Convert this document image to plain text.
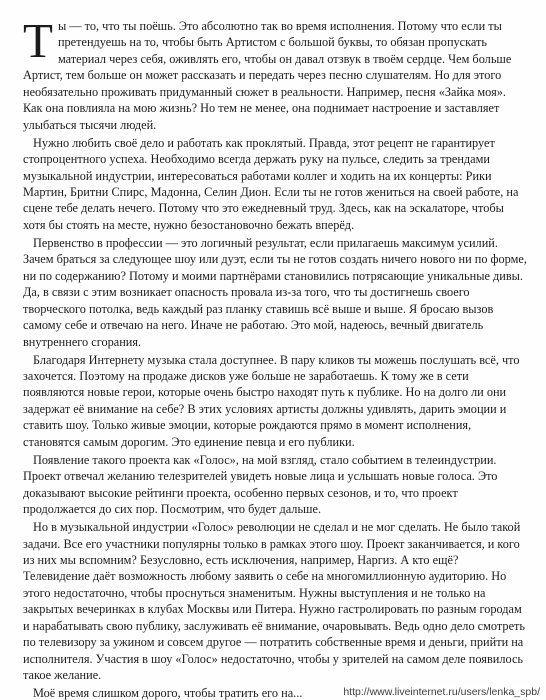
Ты — то, что ты поёшь. Это абсолютно так во время исполнения. Потому что если ты претендуешь на то, чтобы быть Артистом с большой буквы, то обязан пропускать материал через себя, оживлять его, чтобы он давал отзвук в твоём сердце. Чем больше Артист, тем больше он может рассказать и передать через песню слушателям. Но для этого необязательно проживать придуманный сюжет в реальности. Например, песня «Зайка моя». Как она повлияла на мою жизнь? Но тем не менее, она поднимает настроение и заставляет улыбаться тысячи людей.

Нужно любить своё дело и работать как проклятый. Правда, этот рецепт не гарантирует стопроцентного успеха. Необходимо всегда держать руку на пульсе, следить за трендами музыкальной индустрии, интересоваться работами коллег и ходить на их концерты: Рики Мартин, Бритни Спирс, Мадонна, Селин Дион. Если ты не готов жениться на своей работе, на сцене тебе делать нечего. Потому что это ежедневный труд. Здесь, как на эскалаторе, чтобы хотя бы стоять на месте, нужно безостановочно бежать вперёд.

Первенство в профессии — это логичный результат, если прилагаешь максимум усилий. Зачем браться за следующее шоу или дуэт, если ты не готов создать ничего нового ни по форме, ни по содержанию? Потому и моими партнёрами становились потрясающие уникальные дивы. Да, в связи с этим возникает опасность провала из-за того, что ты достигнешь своего творческого потолка, ведь каждый раз планку ставишь всё выше и выше. Я бросаю вызов самому себе и отвечаю на него. Иначе не работаю. Это мой, надеюсь, вечный двигатель внутреннего сгорания.

Благодаря Интернету музыка стала доступнее. В пару кликов ты можешь послушать всё, что захочется. Поэтому на продаже дисков уже больше не заработаешь. К тому же в сети появляются новые герои, которые очень быстро находят путь к публике. Но на долго ли они задержат её внимание на себе? В этих условиях артисты должны удивлять, дарить эмоции и ставить шоу. Только живые эмоции, которые рождаются прямо в момент исполнения, становятся самым дорогим. Это единение певца и его публики.

Появление такого проекта как «Голос», на мой взгляд, стало событием в телеиндустрии. Проект отвечал желанию телезрителей увидеть новые лица и услышать новые голоса. Это доказывают высокие рейтинги проекта, особенно первых сезонов, и то, что проект продолжается до сих пор. Посмотрим, что будет дальше.

Но в музыкальной индустрии «Голос» революции не сделал и не мог сделать. Не было такой задачи. Все его участники популярны только в рамках этого шоу. Проект заканчивается, и кого из них мы вспомним? Безусловно, есть исключения, например, Наргиз. А кто ещё? Телевидение даёт возможность любому заявить о себе на многомиллионную аудиторию. Но этого недостаточно, чтобы проснуться знаменитым. Нужны выступления и не только на закрытых вечеринках в клубах Москвы или Питера. Нужно гастролировать по разным городам и нарабатывать свою публику, заслуживать её внимание, очаровывать. Ведь одно дело смотреть по телевизору за ужином и совсем другое — потратить собственные время и деньги, прийти на исполнителя. Участия в шоу «Голос» недостаточно, чтобы у зрителей на самом деле появилось такое желание.

Моё время слишком дорого, чтобы тратить его на...	http://www.liveinternet.ru/users/lenka_spb/
